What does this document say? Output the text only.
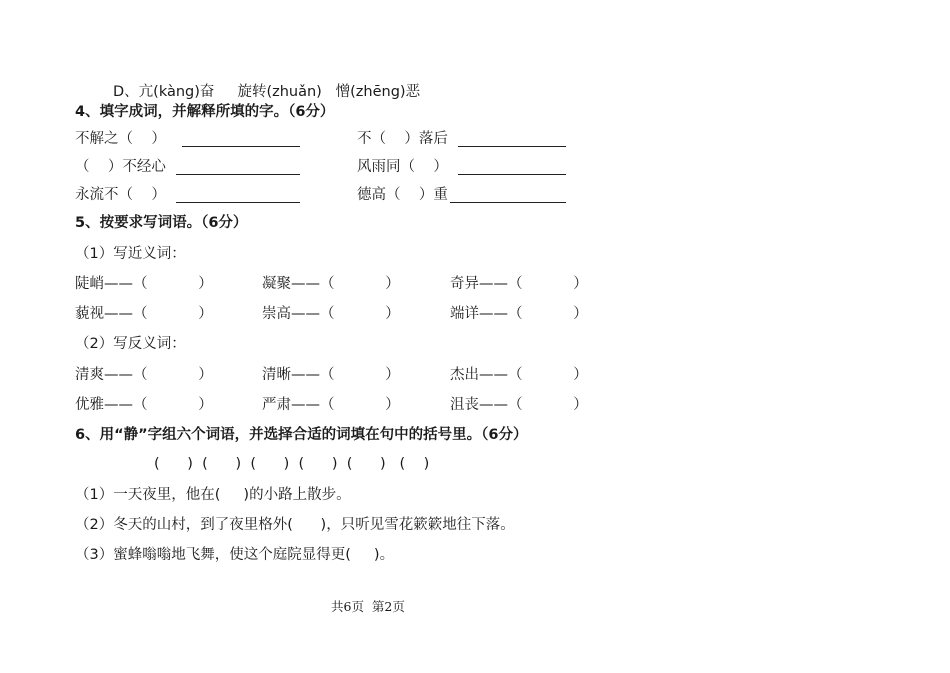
D、亢(kàng)奋     旋转(zhuǎn)   憎(zhēng)恶
4、填字成词，并解释所填的字。（6分）
不解之（    ）	不（    ）落后
（    ）不经心	风雨同（    ）
永流不（    ）	德高（    ）重
5、按要求写词语。（6分）
（1）写近义词：
陡峭——（           ）	凝聚——（           ）	奇异——（           ）
藐视——（           ）	崇高——（           ）	端详——（           ）
（2）写反义词：
清爽——（           ）	清晰——（           ）	杰出——（           ）
优雅——（           ）	严肃——（           ）	沮丧——（           ）
6、用“静”字组六个词语，并选择合适的词填在句中的括号里。（6分）
(      )  (      )  (      )  (      )  (      )   (    )
（1）一天夜里，他在(     )的小路上散步。
（2）冬天的山村，到了夜里格外(      )，只听见雪花簌簌地往下落。
（3）蜜蜂嗡嗡地飞舞，使这个庭院显得更(     )。
共6页  第2页
